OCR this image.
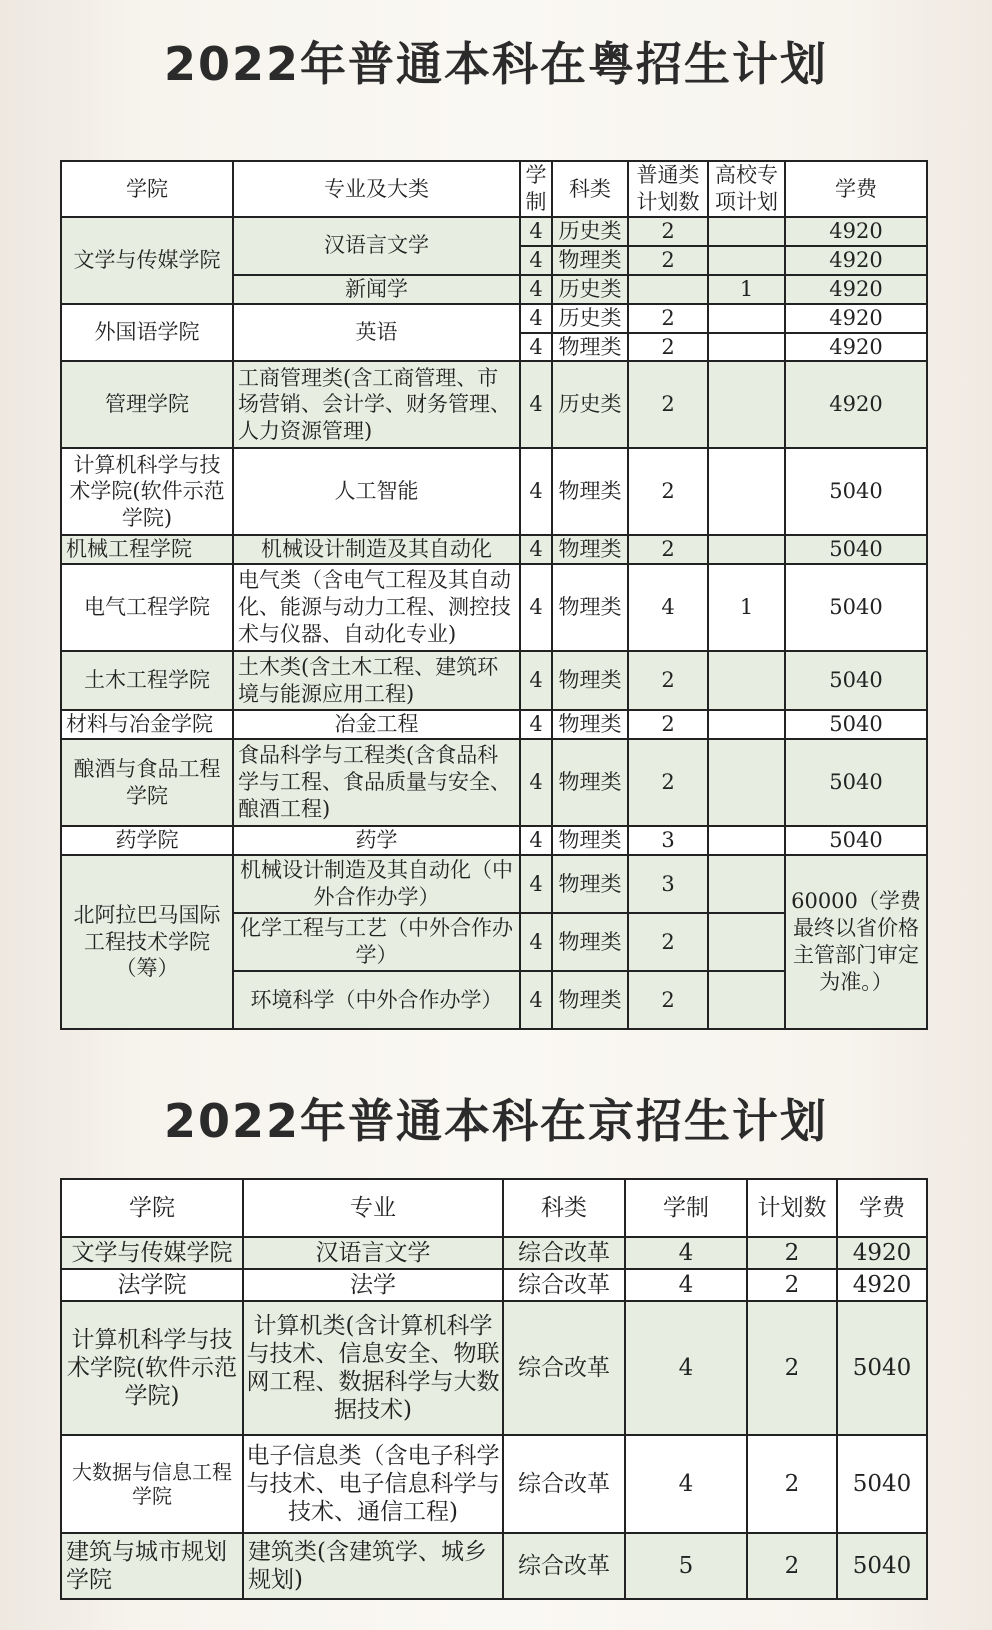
2022年普通本科在粤招生计划
学院	专业及大类	学制	科类	普通类计划数	高校专项计划	学费
文学与传媒学院	汉语言文学	4	历史类	2		4920
		4	物理类	2		4920
	新闻学	4	历史类		1	4920
外国语学院	英语	4	历史类	2		4920
		4	物理类	2		4920
管理学院	工商管理类(含工商管理、市场营销、会计学、财务管理、人力资源管理)	4	历史类	2		4920
计算机科学与技术学院(软件示范学院)	人工智能	4	物理类	2		5040
机械工程学院	机械设计制造及其自动化	4	物理类	2		5040
电气工程学院	电气类（含电气工程及其自动化、能源与动力工程、测控技术与仪器、自动化专业)	4	物理类	4	1	5040
土木工程学院	土木类(含土木工程、建筑环境与能源应用工程)	4	物理类	2		5040
材料与冶金学院	冶金工程	4	物理类	2		5040
酿酒与食品工程学院	食品科学与工程类(含食品科学与工程、食品质量与安全、酿酒工程)	4	物理类	2		5040
药学院	药学	4	物理类	3		5040
北阿拉巴马国际工程技术学院（筹）	机械设计制造及其自动化（中外合作办学）	4	物理类	3		60000（学费最终以省价格主管部门审定为准。）
	化学工程与工艺（中外合作办学）	4	物理类	2		
	环境科学（中外合作办学）	4	物理类	2		
2022年普通本科在京招生计划
学院	专业	科类	学制	计划数	学费
文学与传媒学院	汉语言文学	综合改革	4	2	4920
法学院	法学	综合改革	4	2	4920
计算机科学与技术学院(软件示范学院)	计算机类(含计算机科学与技术、信息安全、物联网工程、数据科学与大数据技术)	综合改革	4	2	5040
大数据与信息工程学院	电子信息类（含电子科学与技术、电子信息科学与技术、通信工程)	综合改革	4	2	5040
建筑与城市规划学院	建筑类(含建筑学、城乡规划)	综合改革	5	2	5040
